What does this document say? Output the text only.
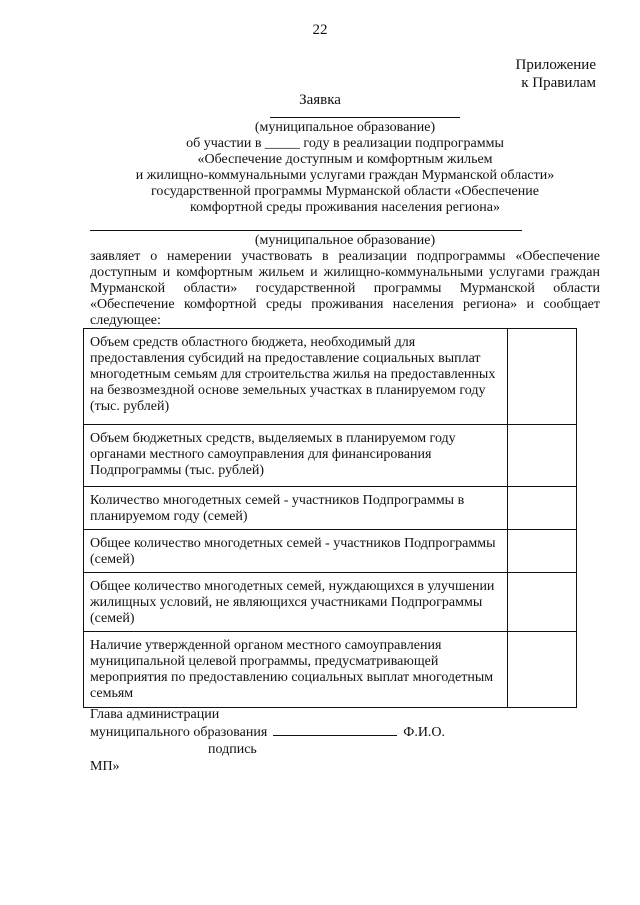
22
Приложение
к Правилам
Заявка
(муниципальное образование)
об участии в _____ году в реализации подпрограммы
«Обеспечение доступным и комфортным жильем
и жилищно-коммунальными услугами граждан Мурманской области»
государственной программы Мурманской области «Обеспечение
комфортной среды проживания населения региона»
(муниципальное образование)
заявляет о намерении участвовать в реализации подпрограммы «Обеспечение доступным и комфортным жильем и жилищно-коммунальными услугами граждан Мурманской области» государственной программы Мурманской области «Обеспечение комфортной среды проживания населения региона» и сообщает следующее:
Объем средств областного бюджета, необходимый для предоставления субсидий на предоставление социальных выплат многодетным семьям для строительства жилья на предоставленных на безвозмездной основе земельных участках в планируемом году (тыс. рублей)	
Объем бюджетных средств, выделяемых в планируемом году органами местного самоуправления для финансирования Подпрограммы (тыс. рублей)	
Количество многодетных семей - участников Подпрограммы в планируемом году (семей)	
Общее количество многодетных семей - участников Подпрограммы (семей)	
Общее количество многодетных семей, нуждающихся в улучшении жилищных условий, не являющихся участниками Подпрограммы (семей)	
Наличие утвержденной органом местного самоуправления муниципальной целевой программы, предусматривающей мероприятия по предоставлению социальных выплат многодетным семьям	
Глава администрации
муниципального образования	Ф.И.О.
подпись
МП»
